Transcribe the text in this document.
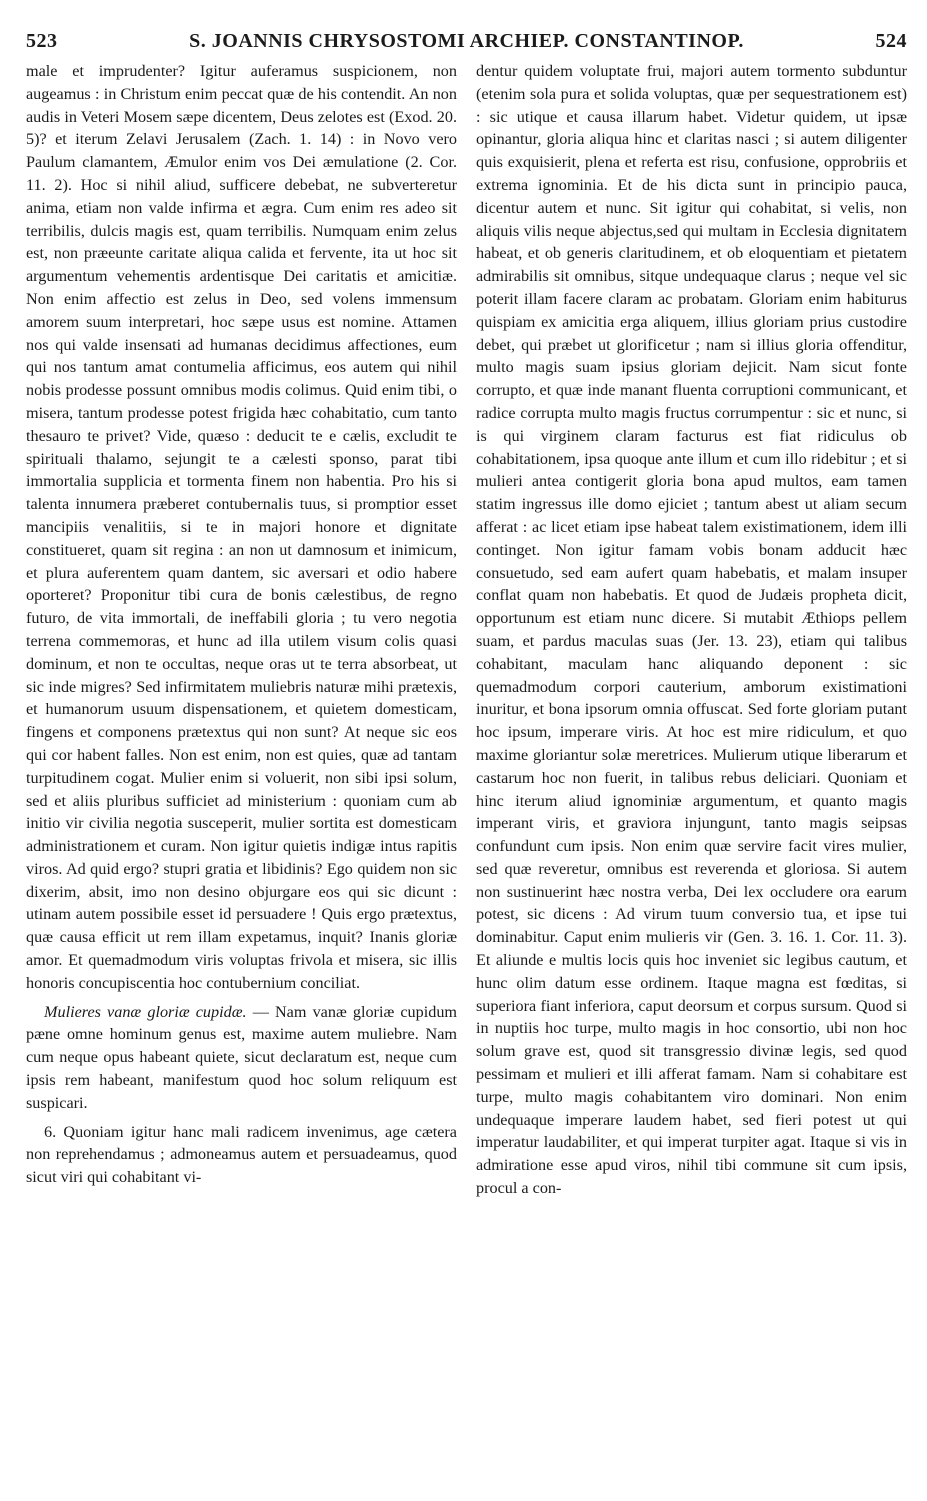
523	S. JOANNIS CHRYSOSTOMI ARCHIEP. CONSTANTINOP.	524

male et imprudenter? Igitur auferamus suspicionem, non augeamus : in Christum enim peccat quæ de his contendit. An non audis in Veteri Mosem sæpe dicentem, Deus zelotes est (Exod. 20. 5)? et iterum Zelavi Jerusalem (Zach. 1. 14) : in Novo vero Paulum clamantem, Æmulor enim vos Dei æmulatione (2. Cor. 11. 2). Hoc si nihil aliud, sufficere debebat, ne subverteretur anima, etiam non valde infirma et ægra. Cum enim res adeo sit terribilis, dulcis magis est, quam terribilis. Numquam enim zelus est, non præeunte caritate aliqua calida et fervente, ita ut hoc sit argumentum vehementis ardentisque Dei caritatis et amicitiæ. Non enim affectio est zelus in Deo, sed volens immensum amorem suum interpretari, hoc sæpe usus est nomine. Attamen nos qui valde insensati ad humanas decidimus affectiones, eum qui nos tantum amat contumelia afficimus, eos autem qui nihil nobis prodesse possunt omnibus modis colimus. Quid enim tibi, o misera, tantum prodesse potest frigida hæc cohabitatio, cum tanto thesauro te privet? Vide, quæso : deducit te e cælis, excludit te spirituali thalamo, sejungit te a cælesti sponso, parat tibi immortalia supplicia et tormenta finem non habentia. Pro his si talenta innumera præberet contubernalis tuus, si promptior esset mancipiis venalitiis, si te in majori honore et dignitate constitueret, quam sit regina : an non ut damnosum et inimicum, et plura auferentem quam dantem, sic aversari et odio habere oporteret? Proponitur tibi cura de bonis cælestibus, de regno futuro, de vita immortali, de ineffabili gloria ; tu vero negotia terrena commemoras, et hunc ad illa utilem visum colis quasi dominum, et non te occultas, neque oras ut te terra absorbeat, ut sic inde migres? Sed infirmitatem muliebris naturæ mihi prætexis, et humanorum usuum dispensationem, et quietem domesticam, fingens et componens prætextus qui non sunt? At neque sic eos qui cor habent falles. Non est enim, non est quies, quæ ad tantam turpitudinem cogat. Mulier enim si voluerit, non sibi ipsi solum, sed et aliis pluribus sufficiet ad ministerium : quoniam cum ab initio vir civilia negotia susceperit, mulier sortita est domesticam administrationem et curam. Non igitur quietis indigæ intus rapitis viros. Ad quid ergo? stupri gratia et libidinis? Ego quidem non sic dixerim, absit, imo non desino objurgare eos qui sic dicunt : utinam autem possibile esset id persuadere ! Quis ergo prætextus, quæ causa efficit ut rem illam expetamus, inquit? Inanis gloriæ amor. Et quemadmodum viris voluptas frivola et misera, sic illis honoris concupiscentia hoc contubernium conciliat.

Mulieres vanæ gloriæ cupidæ. — Nam vanæ gloriæ cupidum pæne omne hominum genus est, maxime autem muliebre. Nam cum neque opus habeant quiete, sicut declaratum est, neque cum ipsis rem habeant, manifestum quod hoc solum reliquum est suspicari.

6. Quoniam igitur hanc mali radicem invenimus, age cætera non reprehendamus ; admoneamus autem et persuadeamus, quod sicut viri qui cohabitant vi-

dentur quidem voluptate frui, majori autem tormento subduntur (etenim sola pura et solida voluptas, quæ per sequestrationem est) : sic utique et causa illarum habet. Videtur quidem, ut ipsæ opinantur, gloria aliqua hinc et claritas nasci ; si autem diligenter quis exquisierit, plena et referta est risu, confusione, opprobriis et extrema ignominia. Et de his dicta sunt in principio pauca, dicentur autem et nunc. Sit igitur qui cohabitat, si velis, non aliquis vilis neque abjectus,sed qui multam in Ecclesia dignitatem habeat, et ob generis claritudinem, et ob eloquentiam et pietatem admirabilis sit omnibus, sitque undequaque clarus ; neque vel sic poterit illam facere claram ac probatam. Gloriam enim habiturus quispiam ex amicitia erga aliquem, illius gloriam prius custodire debet, qui præbet ut glorificetur ; nam si illius gloria offenditur, multo magis suam ipsius gloriam dejicit. Nam sicut fonte corrupto, et quæ inde manant fluenta corruptioni communicant, et radice corrupta multo magis fructus corrumpentur : sic et nunc, si is qui virginem claram facturus est fiat ridiculus ob cohabitationem, ipsa quoque ante illum et cum illo ridebitur ; et si mulieri antea contigerit gloria bona apud multos, eam tamen statim ingressus ille domo ejiciet ; tantum abest ut aliam secum afferat : ac licet etiam ipse habeat talem existimationem, idem illi continget. Non igitur famam vobis bonam adducit hæc consuetudo, sed eam aufert quam habebatis, et malam insuper conflat quam non habebatis. Et quod de Judæis propheta dicit, opportunum est etiam nunc dicere. Si mutabit Æthiops pellem suam, et pardus maculas suas (Jer. 13. 23), etiam qui talibus cohabitant, maculam hanc aliquando deponent : sic quemadmodum corpori cauterium, amborum existimationi inuritur, et bona ipsorum omnia offuscat. Sed forte gloriam putant hoc ipsum, imperare viris. At hoc est mire ridiculum, et quo maxime gloriantur solæ meretrices. Mulierum utique liberarum et castarum hoc non fuerit, in talibus rebus deliciari. Quoniam et hinc iterum aliud ignominiæ argumentum, et quanto magis imperant viris, et graviora injungunt, tanto magis seipsas confundunt cum ipsis. Non enim quæ servire facit vires mulier, sed quæ reveretur, omnibus est reverenda et gloriosa. Si autem non sustinuerint hæc nostra verba, Dei lex occludere ora earum potest, sic dicens : Ad virum tuum conversio tua, et ipse tui dominabitur. Caput enim mulieris vir (Gen. 3. 16. 1. Cor. 11. 3). Et aliunde e multis locis quis hoc inveniet sic legibus cautum, et hunc olim datum esse ordinem. Itaque magna est fœditas, si superiora fiant inferiora, caput deorsum et corpus sursum. Quod si in nuptiis hoc turpe, multo magis in hoc consortio, ubi non hoc solum grave est, quod sit transgressio divinæ legis, sed quod pessimam et mulieri et illi afferat famam. Nam si cohabitare est turpe, multo magis cohabitantem viro dominari. Non enim undequaque imperare laudem habet, sed fieri potest ut qui imperatur laudabiliter, et qui imperat turpiter agat. Itaque si vis in admiratione esse apud viros, nihil tibi commune sit cum ipsis, procul a con-
